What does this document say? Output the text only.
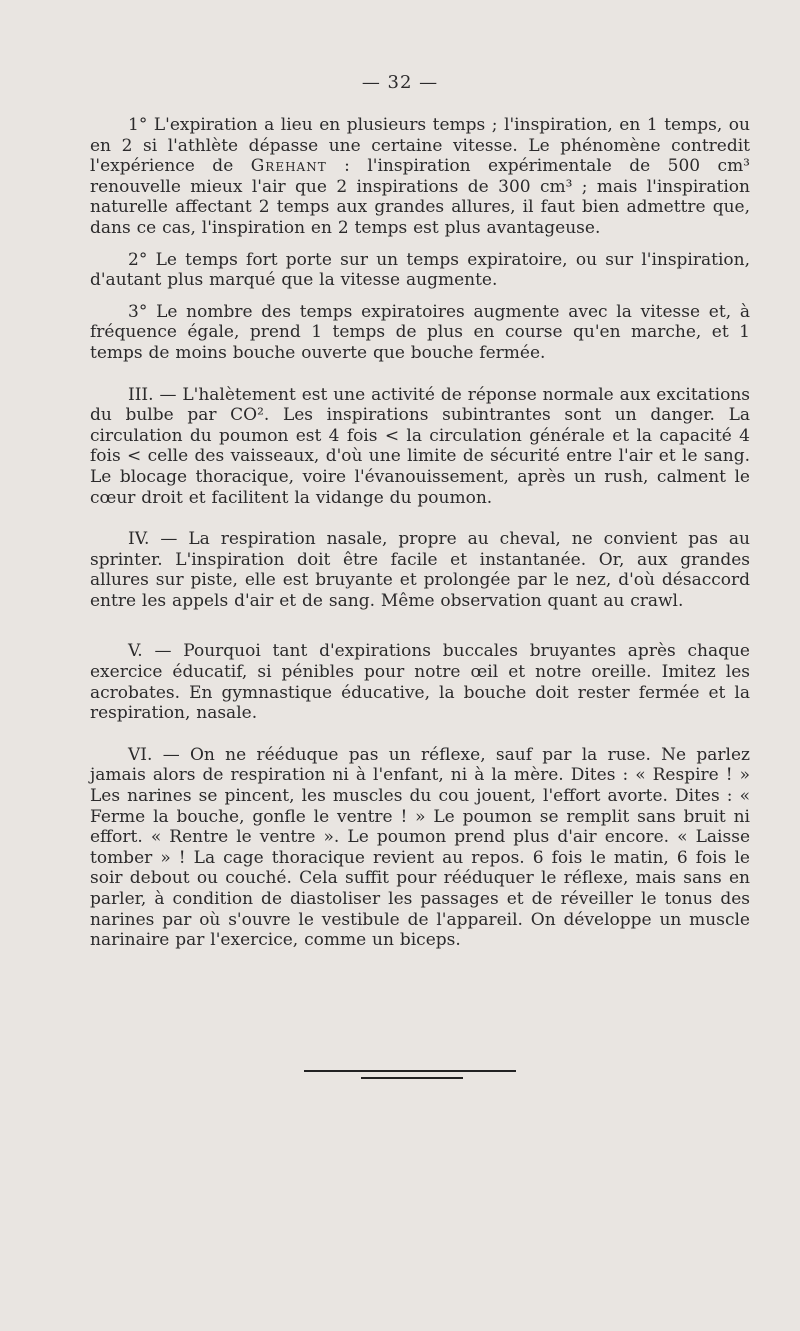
— 32 —

1° L'expiration a lieu en plusieurs temps ; l'inspiration, en 1 temps, ou en 2 si l'athlète dépasse une certaine vitesse. Le phénomène contredit l'expérience de Grehant : l'inspiration expérimentale de 500 cm³ renouvelle mieux l'air que 2 inspirations de 300 cm³ ; mais l'inspiration naturelle affectant 2 temps aux grandes allures, il faut bien admettre que, dans ce cas, l'inspiration en 2 temps est plus avantageuse.

2° Le temps fort porte sur un temps expiratoire, ou sur l'inspiration, d'autant plus marqué que la vitesse augmente.

3° Le nombre des temps expiratoires augmente avec la vitesse et, à fréquence égale, prend 1 temps de plus en course qu'en marche, et 1 temps de moins bouche ouverte que bouche fermée.

III. — L'halètement est une activité de réponse normale aux excitations du bulbe par CO². Les inspirations subintrantes sont un danger. La circulation du poumon est 4 fois < la circulation générale et la capacité 4 fois < celle des vaisseaux, d'où une limite de sécurité entre l'air et le sang. Le blocage thoracique, voire l'évanouissement, après un rush, calment le cœur droit et facilitent la vidange du poumon.

IV. — La respiration nasale, propre au cheval, ne convient pas au sprinter. L'inspiration doit être facile et instantanée. Or, aux grandes allures sur piste, elle est bruyante et prolongée par le nez, d'où désaccord entre les appels d'air et de sang. Même observation quant au crawl.

V. — Pourquoi tant d'expirations buccales bruyantes après chaque exercice éducatif, si pénibles pour notre œil et notre oreille. Imitez les acrobates. En gymnastique éducative, la bouche doit rester fermée et la respiration, nasale.

VI. — On ne rééduque pas un réflexe, sauf par la ruse. Ne parlez jamais alors de respiration ni à l'enfant, ni à la mère. Dites : « Respire ! » Les narines se pincent, les muscles du cou jouent, l'effort avorte. Dites : « Ferme la bouche, gonfle le ventre ! » Le poumon se remplit sans bruit ni effort. « Rentre le ventre ». Le poumon prend plus d'air encore. « Laisse tomber » ! La cage thoracique revient au repos. 6 fois le matin, 6 fois le soir debout ou couché. Cela suffit pour rééduquer le réflexe, mais sans en parler, à condition de diastoliser les passages et de réveiller le tonus des narines par où s'ouvre le vestibule de l'appareil. On développe un muscle narinaire par l'exercice, comme un biceps.
